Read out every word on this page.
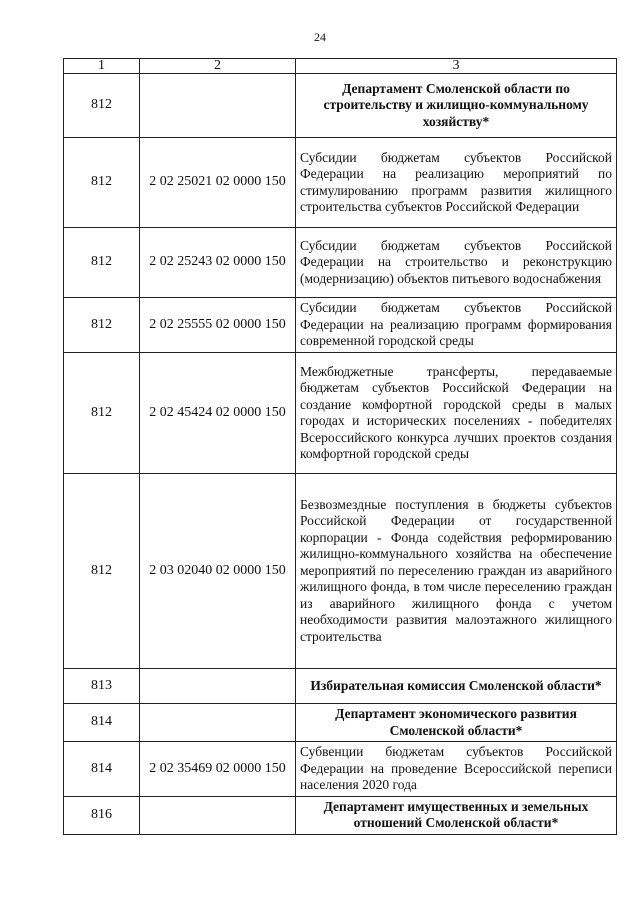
24
1	2	3
812		Департамент Смоленской области по строительству и жилищно-коммунальному хозяйству*
812	2 02 25021 02 0000 150	Субсидии бюджетам субъектов Российской Федерации на реализацию мероприятий по стимулированию программ развития жилищного строительства субъектов Российской Федерации
812	2 02 25243 02 0000 150	Субсидии бюджетам субъектов Российской Федерации на строительство и реконструкцию (модернизацию) объектов питьевого водоснабжения
812	2 02 25555 02 0000 150	Субсидии бюджетам субъектов Российской Федерации на реализацию программ формирования современной городской среды
812	2 02 45424 02 0000 150	Межбюджетные трансферты, передаваемые бюджетам субъектов Российской Федерации на создание комфортной городской среды в малых городах и исторических поселениях - победителях Всероссийского конкурса лучших проектов создания комфортной городской среды
812	2 03 02040 02 0000 150	Безвозмездные поступления в бюджеты субъектов Российской Федерации от государственной корпорации - Фонда содействия реформированию жилищно-коммунального хозяйства на обеспечение мероприятий по переселению граждан из аварийного жилищного фонда, в том числе переселению граждан из аварийного жилищного фонда с учетом необходимости развития малоэтажного жилищного строительства
813		Избирательная комиссия Смоленской области*
814		Департамент экономического развития Смоленской области*
814	2 02 35469 02 0000 150	Субвенции бюджетам субъектов Российской Федерации на проведение Всероссийской переписи населения 2020 года
816		Департамент имущественных и земельных отношений Смоленской области*
